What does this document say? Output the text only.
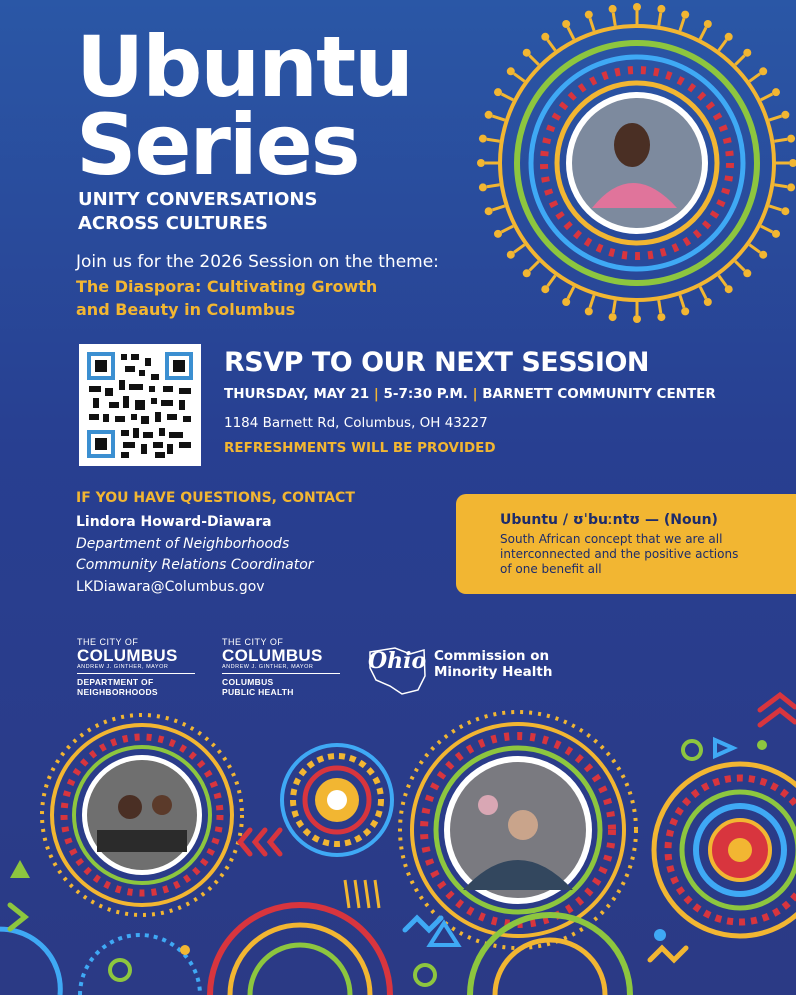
Ubuntu
Series
UNITY CONVERSATIONS
ACROSS CULTURES
Join us for the 2026 Session on the theme:
The Diaspora: Cultivating Growth
and Beauty in Columbus
RSVP TO OUR NEXT SESSION
THURSDAY, MAY 21 | 5-7:30 P.M. | BARNETT COMMUNITY CENTER
1184 Barnett Rd, Columbus, OH 43227
REFRESHMENTS WILL BE PROVIDED
IF YOU HAVE QUESTIONS, CONTACT
Lindora Howard-Diawara
Department of Neighborhoods
Community Relations Coordinator
LKDiawara@Columbus.gov
Ubuntu / ʊˈbuːntʊ — (Noun)
South African concept that we are all interconnected and the positive actions of one benefit all
THE CITY OF
COLUMBUS
ANDREW J. GINTHER, MAYOR
DEPARTMENT OF
NEIGHBORHOODS
THE CITY OF
COLUMBUS
ANDREW J. GINTHER, MAYOR
COLUMBUS
PUBLIC HEALTH
Ohio Commission on
Minority Health
